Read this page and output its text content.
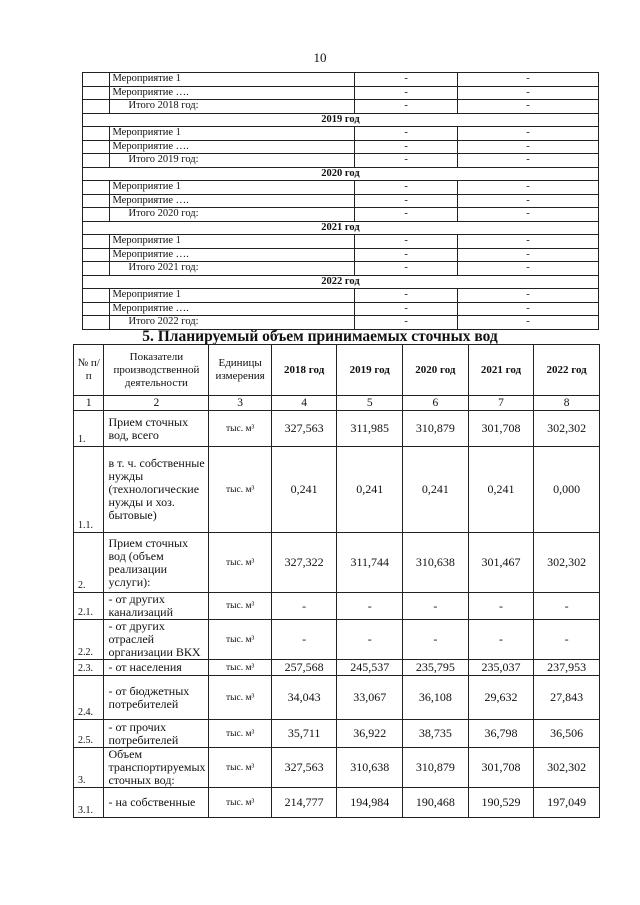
10
	Мероприятие 1	-	-
	Мероприятие ….	-	-
	Итого 2018 год:	-	-
2019 год			
	Мероприятие 1	-	-
	Мероприятие ….	-	-
	Итого 2019 год:	-	-
2020 год			
	Мероприятие 1	-	-
	Мероприятие ….	-	-
	Итого 2020 год:	-	-
2021 год			
	Мероприятие 1	-	-
	Мероприятие ….	-	-
	Итого 2021 год:	-	-
2022 год			
	Мероприятие 1	-	-
	Мероприятие ….	-	-
	Итого 2022 год:	-	-
5. Планируемый объем принимаемых сточных вод
№ п/п	Показатели производственной деятельности	Единицы измерения	2018 год	2019 год	2020 год	2021 год	2022 год
1	2	3	4	5	6	7	8
1.	Прием сточных вод, всего	тыс. м³	327,563	311,985	310,879	301,708	302,302
1.1.	в т. ч. собственные нужды (технологические нужды и хоз. бытовые)	тыс. м³	0,241	0,241	0,241	0,241	0,000
2.	Прием сточных вод (объем реализации услуги):	тыс. м³	327,322	311,744	310,638	301,467	302,302
2.1.	- от других канализаций	тыс. м³	-	-	-	-	-
2.2.	- от других отраслей организации ВКХ	тыс. м³	-	-	-	-	-
2.3.	- от населения	тыс. м³	257,568	245,537	235,795	235,037	237,953
2.4.	- от бюджетных потребителей	тыс. м³	34,043	33,067	36,108	29,632	27,843
2.5.	- от прочих потребителей	тыс. м³	35,711	36,922	38,735	36,798	36,506
3.	Объем транспортируемых сточных вод:	тыс. м³	327,563	310,638	310,879	301,708	302,302
3.1.	- на собственные	тыс. м³	214,777	194,984	190,468	190,529	197,049
